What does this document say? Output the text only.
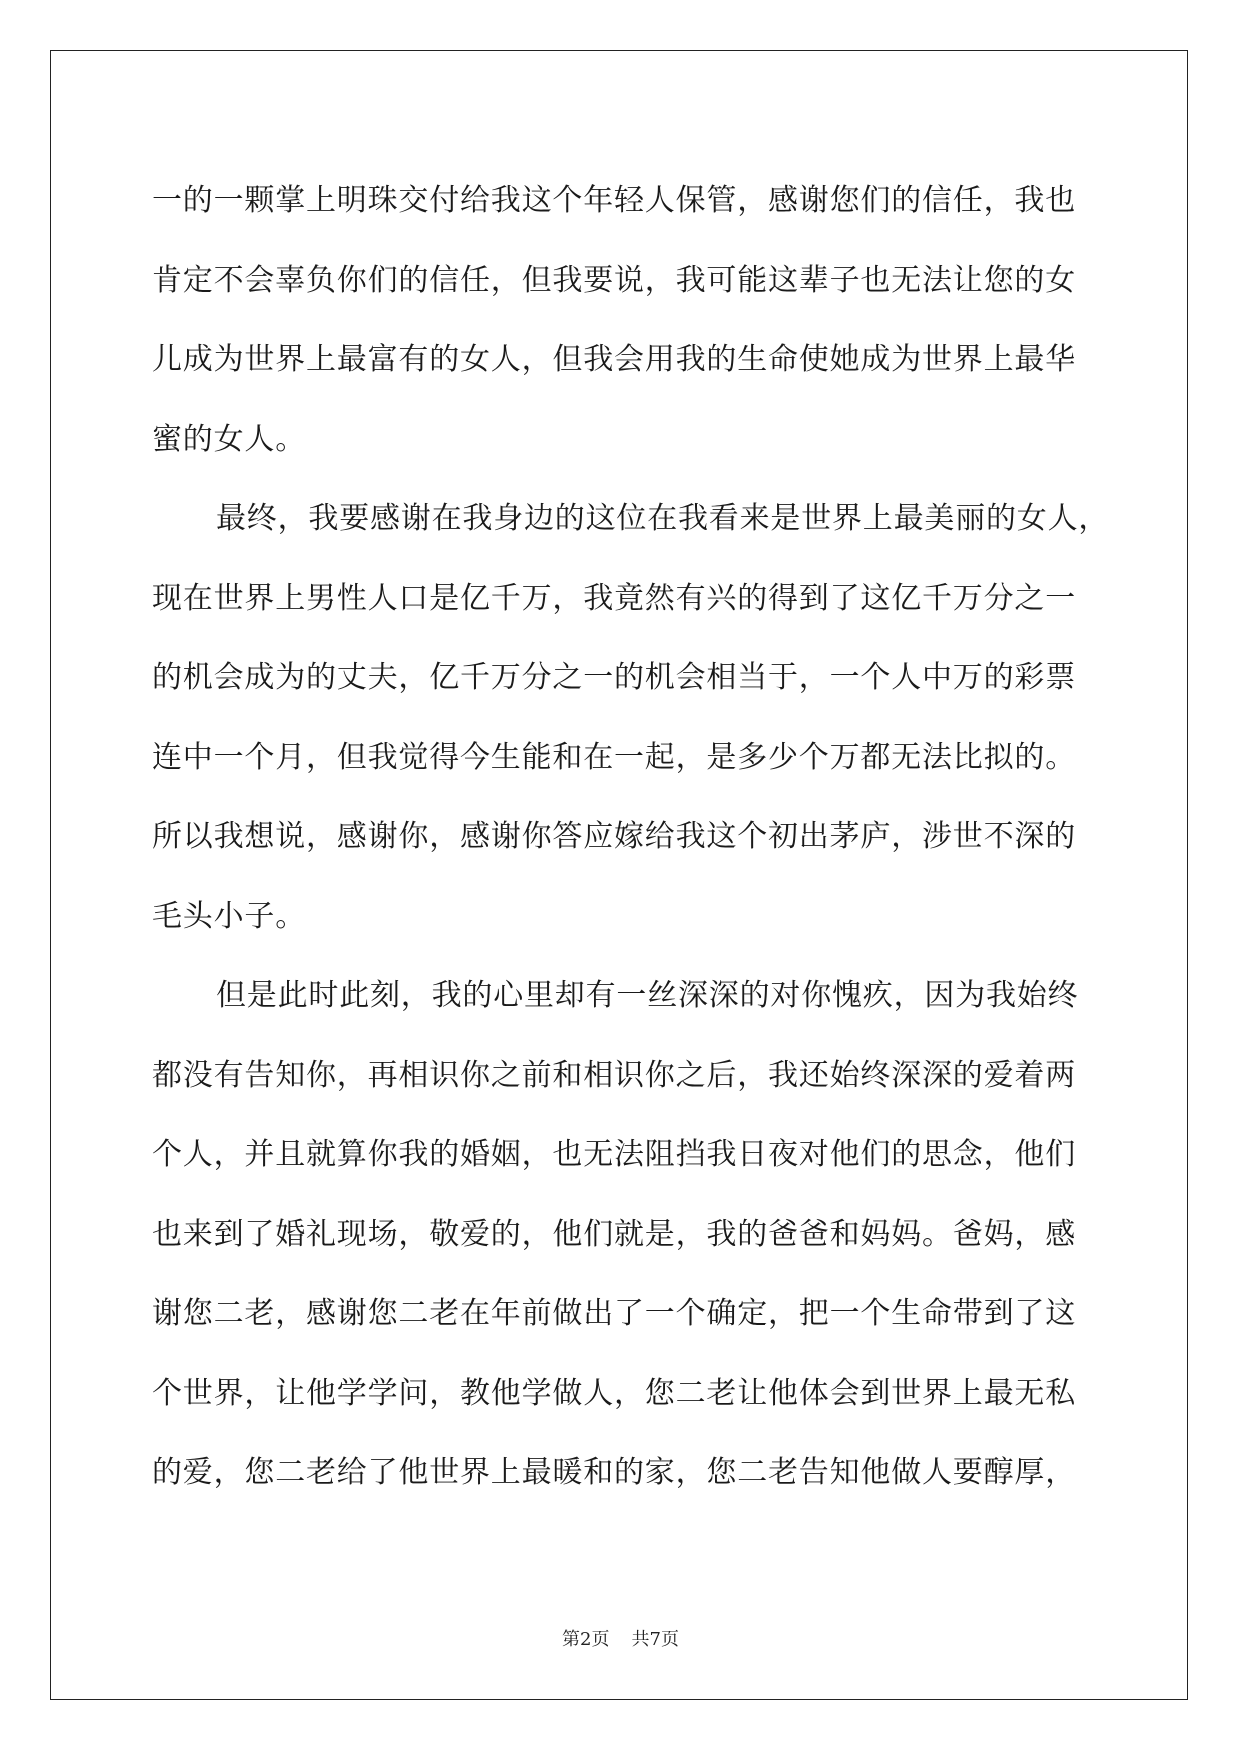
一的一颗掌上明珠交付给我这个年轻人保管，感谢您们的信任，我也
肯定不会辜负你们的信任，但我要说，我可能这辈子也无法让您的女
儿成为世界上最富有的女人，但我会用我的生命使她成为世界上最华
蜜的女人。
最终，我要感谢在我身边的这位在我看来是世界上最美丽的女人，
现在世界上男性人口是亿千万，我竟然有兴的得到了这亿千万分之一
的机会成为的丈夫，亿千万分之一的机会相当于，一个人中万的彩票
连中一个月，但我觉得今生能和在一起，是多少个万都无法比拟的。
所以我想说，感谢你，感谢你答应嫁给我这个初出茅庐，涉世不深的
毛头小子。
但是此时此刻，我的心里却有一丝深深的对你愧疚，因为我始终
都没有告知你，再相识你之前和相识你之后，我还始终深深的爱着两
个人，并且就算你我的婚姻，也无法阻挡我日夜对他们的思念，他们
也来到了婚礼现场，敬爱的，他们就是，我的爸爸和妈妈。爸妈，感
谢您二老，感谢您二老在年前做出了一个确定，把一个生命带到了这
个世界，让他学学问，教他学做人，您二老让他体会到世界上最无私
的爱，您二老给了他世界上最暖和的家，您二老告知他做人要醇厚，
第2页 共7页
